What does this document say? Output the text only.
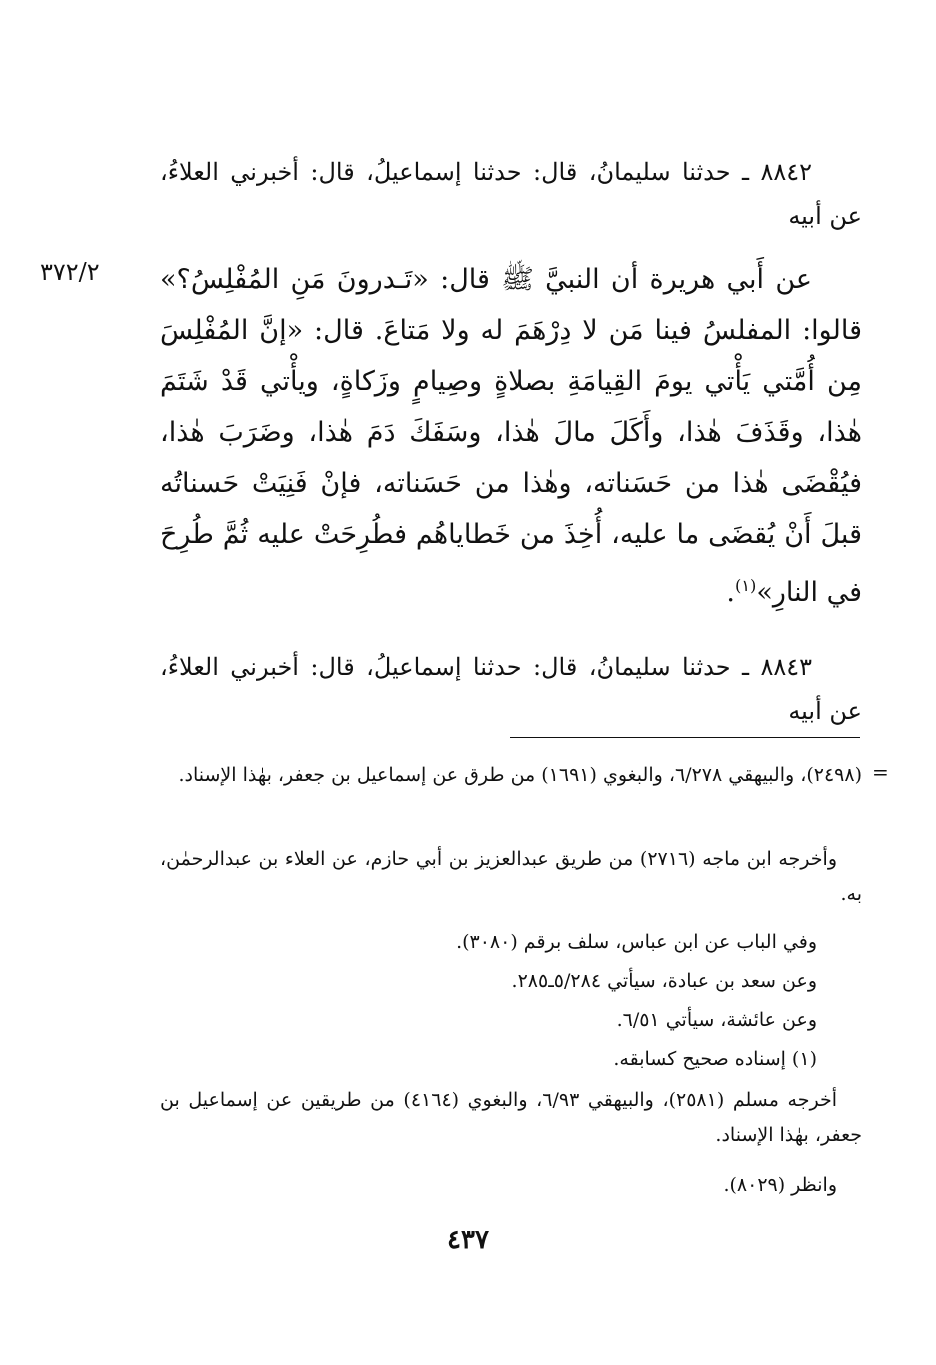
٨٨٤٢ ـ حدثنا سليمانُ، قال: حدثنا إسماعيلُ، قال: أخبرني العلاءُ، عن أبيه

عن أَبي هريرة أن النبيَّ ﷺ قال: «تَـدرونَ مَنِ المُفْلِسُ؟» قالوا: المفلسُ فينا مَن لا دِرْهَمَ له ولا مَتاعَ. قال: «إنَّ المُفْلِسَ مِن أُمَّتي يَأْتي يومَ القِيامَةِ بصلاةٍ وصِيامٍ وزَكاةٍ، ويأْتي قَدْ شَتَمَ هٰذا، وقَذَفَ هٰذا، وأَكَلَ مالَ هٰذا، وسَفَكَ دَمَ هٰذا، وضَرَبَ هٰذا، فيُقْضَى هٰذا من حَسَناته، وهٰذا من حَسَناته، فإنْ فَنِيَتْ حَسناتُه قبلَ أَنْ يُقضَى ما عليه، أُخِذَ من خَطاياهُم فطُرِحَتْ عليه ثُمَّ طُرِحَ في النارِ»$^{(١)}$.

٣٧٢/٢

٨٨٤٣ ـ حدثنا سليمانُ، قال: حدثنا إسماعيلُ، قال: أخبرني العلاءُ، عن أبيه

=

(٢٤٩٨)، والبيهقي ٦/٢٧٨، والبغوي (١٦٩١) من طرق عن إسماعيل بن جعفر، بهٰذا الإسناد.

وأخرجه ابن ماجه (٢٧١٦) من طريق عبدالعزيز بن أبي حازم، عن العلاء بن عبدالرحمٰن، به.

وفي الباب عن ابن عباس، سلف برقم (٣٠٨٠).

وعن سعد بن عبادة، سيأتي ٥/٢٨٤ـ٢٨٥.

وعن عائشة، سيأتي ٦/٥١.

(١) إسناده صحيح كسابقه.

أخرجه مسلم (٢٥٨١)، والبيهقي ٦/٩٣، والبغوي (٤١٦٤) من طريقين عن إسماعيل بن جعفر، بهٰذا الإسناد.

وانظر (٨٠٢٩).

٤٣٧
